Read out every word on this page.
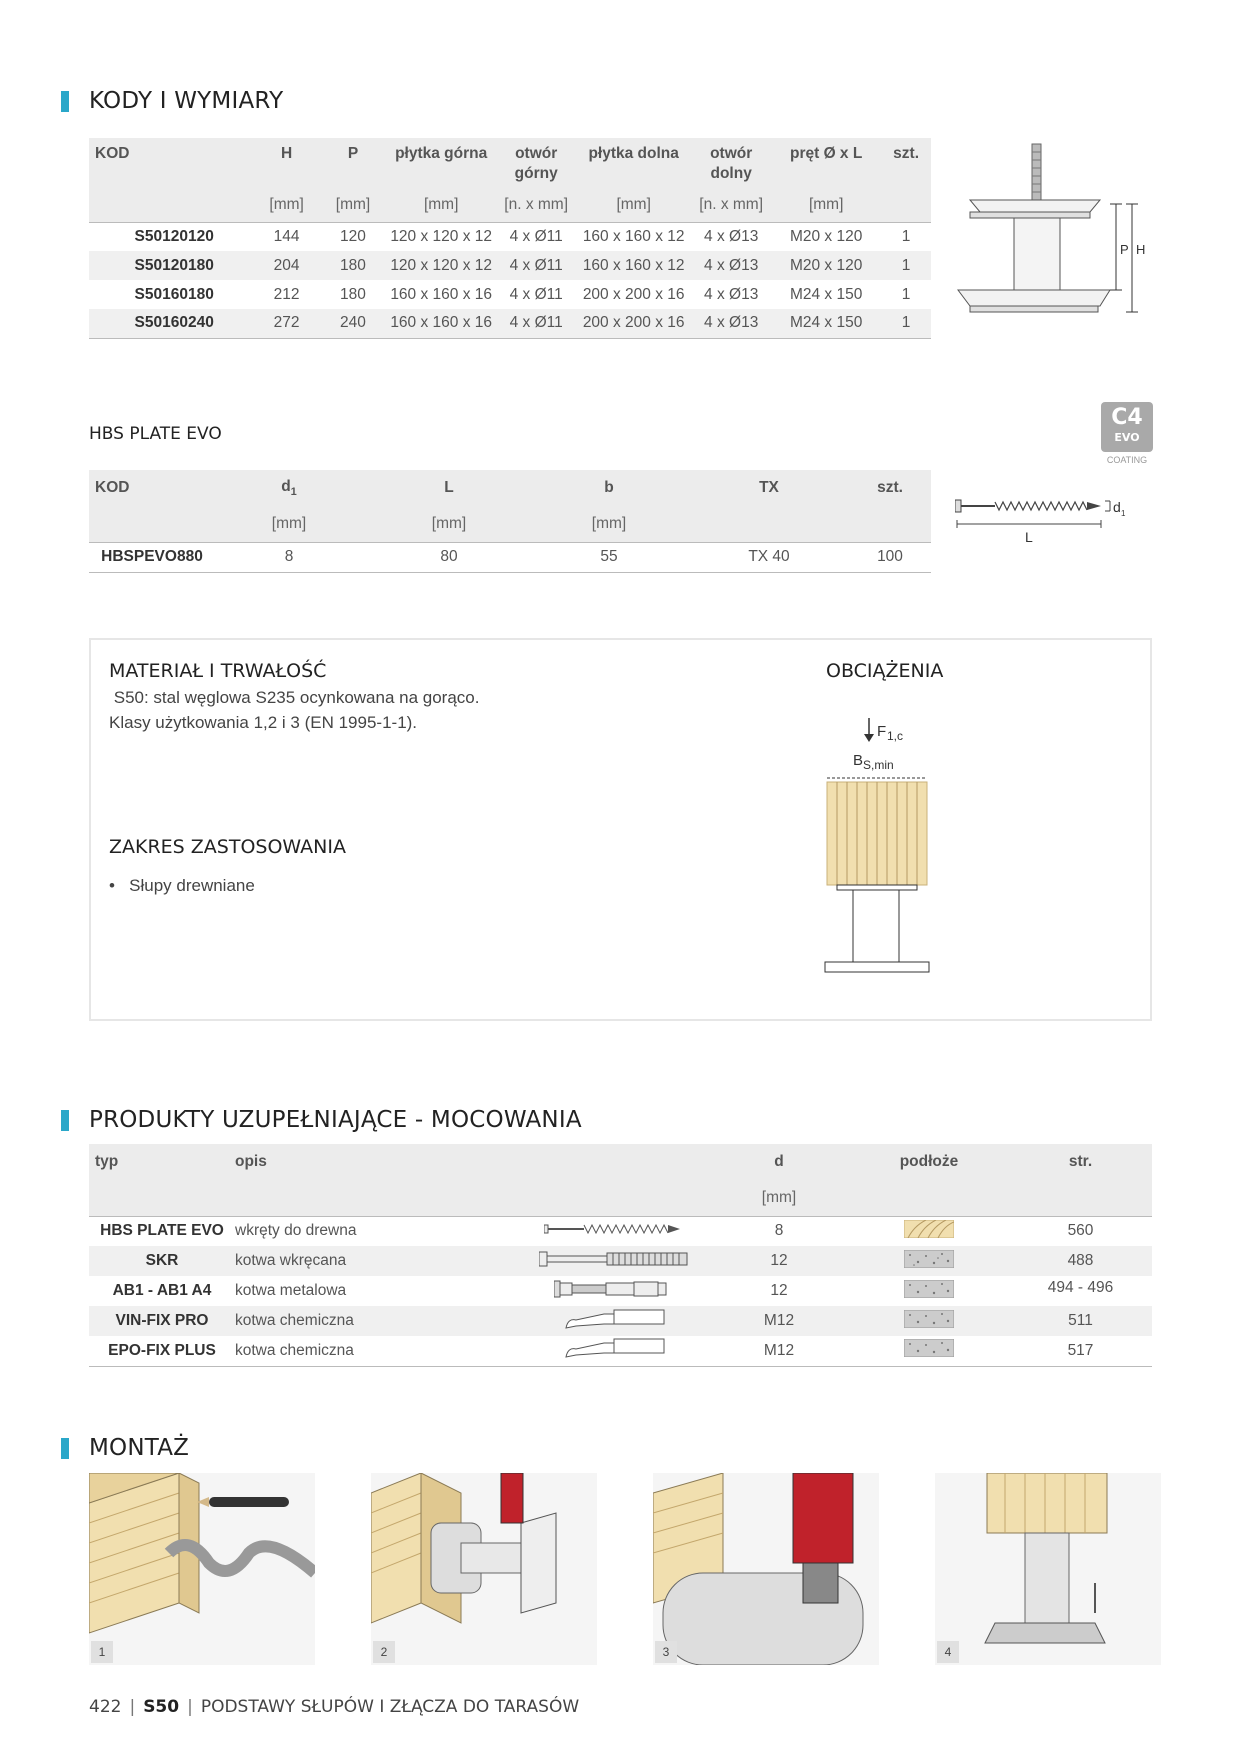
KODY I WYMIARY
KOD	H	P	płytka górna	otwór górny	płytka dolna	otwór dolny	pręt Ø x L	szt.
	[mm]	[mm]	[mm]	[n. x mm]	[mm]	[n. x mm]	[mm]	
S50120120	144	120	120 x 120 x 12	4 x Ø11	160 x 160 x 12	4 x Ø13	M20 x 120	1
S50120180	204	180	120 x 120 x 12	4 x Ø11	160 x 160 x 12	4 x Ø13	M20 x 120	1
S50160180	212	180	160 x 160 x 16	4 x Ø11	200 x 200 x 16	4 x Ø13	M24 x 150	1
S50160240	272	240	160 x 160 x 16	4 x Ø11	200 x 200 x 16	4 x Ø13	M24 x 150	1
P H
HBS PLATE EVO
C4
EVO
COATING
KOD	$d_1$	L	b	TX	szt.
	[mm]	[mm]	[mm]		
HBSPEVO880	8	80	55	TX 40	100
d 1
L
MATERIAŁ I TRWAŁOŚĆ
S50: stal węglowa S235 ocynkowana na gorąco.
Klasy użytkowania 1,2 i 3 (EN 1995-1-1).
OBCIĄŻENIA
F 1,c
B S,min
ZAKRES ZASTOSOWANIA
•   Słupy drewniane
PRODUKTY UZUPEŁNIAJĄCE - MOCOWANIA
typ	opis		d	podłoże	str.
			[mm]		
HBS PLATE EVO	wkręty do drewna		8		560
SKR	kotwa wkręcana		12		488
AB1 - AB1 A4	kotwa metalowa		12		494 - 496
VIN-FIX PRO	kotwa chemiczna		M12		511
EPO-FIX PLUS	kotwa chemiczna		M12		517
MONTAŻ
1	2	3	4
422 | S50 | PODSTAWY SŁUPÓW I ZŁĄCZA DO TARASÓW
